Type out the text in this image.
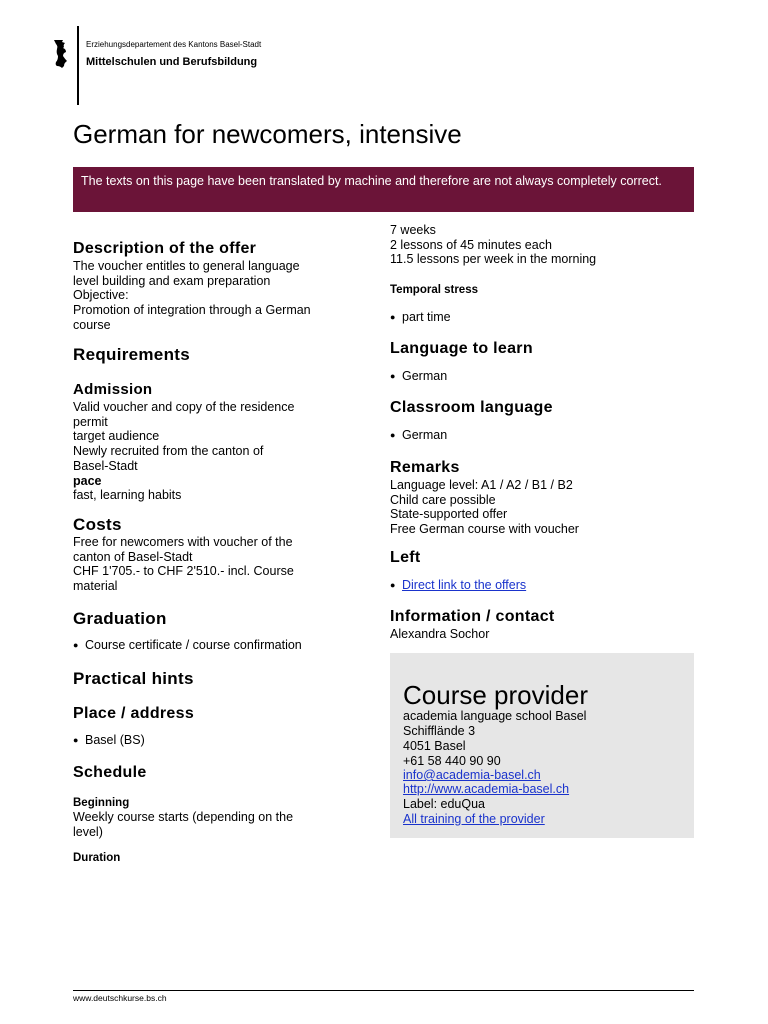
Erziehungsdepartement des Kantons Basel-Stadt
Mittelschulen und Berufsbildung
German for newcomers, intensive
The texts on this page have been translated by machine and therefore are not always completely correct.
Description of the offer

The voucher entitles to general language

level building and exam preparation

Objective:

Promotion of integration through a German

course

Requirements
Admission

Valid voucher and copy of the residence

permit

target audience

Newly recruited from the canton of

Basel-Stadt

pace

fast, learning habits

Costs

Free for newcomers with voucher of the

canton of Basel-Stadt

CHF 1'705.- to CHF 2'510.- incl. Course

material

Graduation

● Course certificate / course confirmation

Practical hints
Place / address

● Basel (BS)

Schedule
Beginning

Weekly course starts (depending on the

level)

Duration

7 weeks

2 lessons of 45 minutes each

11.5 lessons per week in the morning

Temporal stress

● part time

Language to learn

● German

Classroom language

● German

Remarks

Language level: A1 / A2 / B1 / B2

Child care possible

State-supported offer

Free German course with voucher

Left

● Direct link to the offers

Information / contact

Alexandra Sochor

Course provider
academia language school Basel
Schifflände 3
4051 Basel
+61 58 440 90 90
info@academia-basel.ch
http://www.academia-basel.ch
Label: eduQua
All training of the provider
www.deutschkurse.bs.ch
